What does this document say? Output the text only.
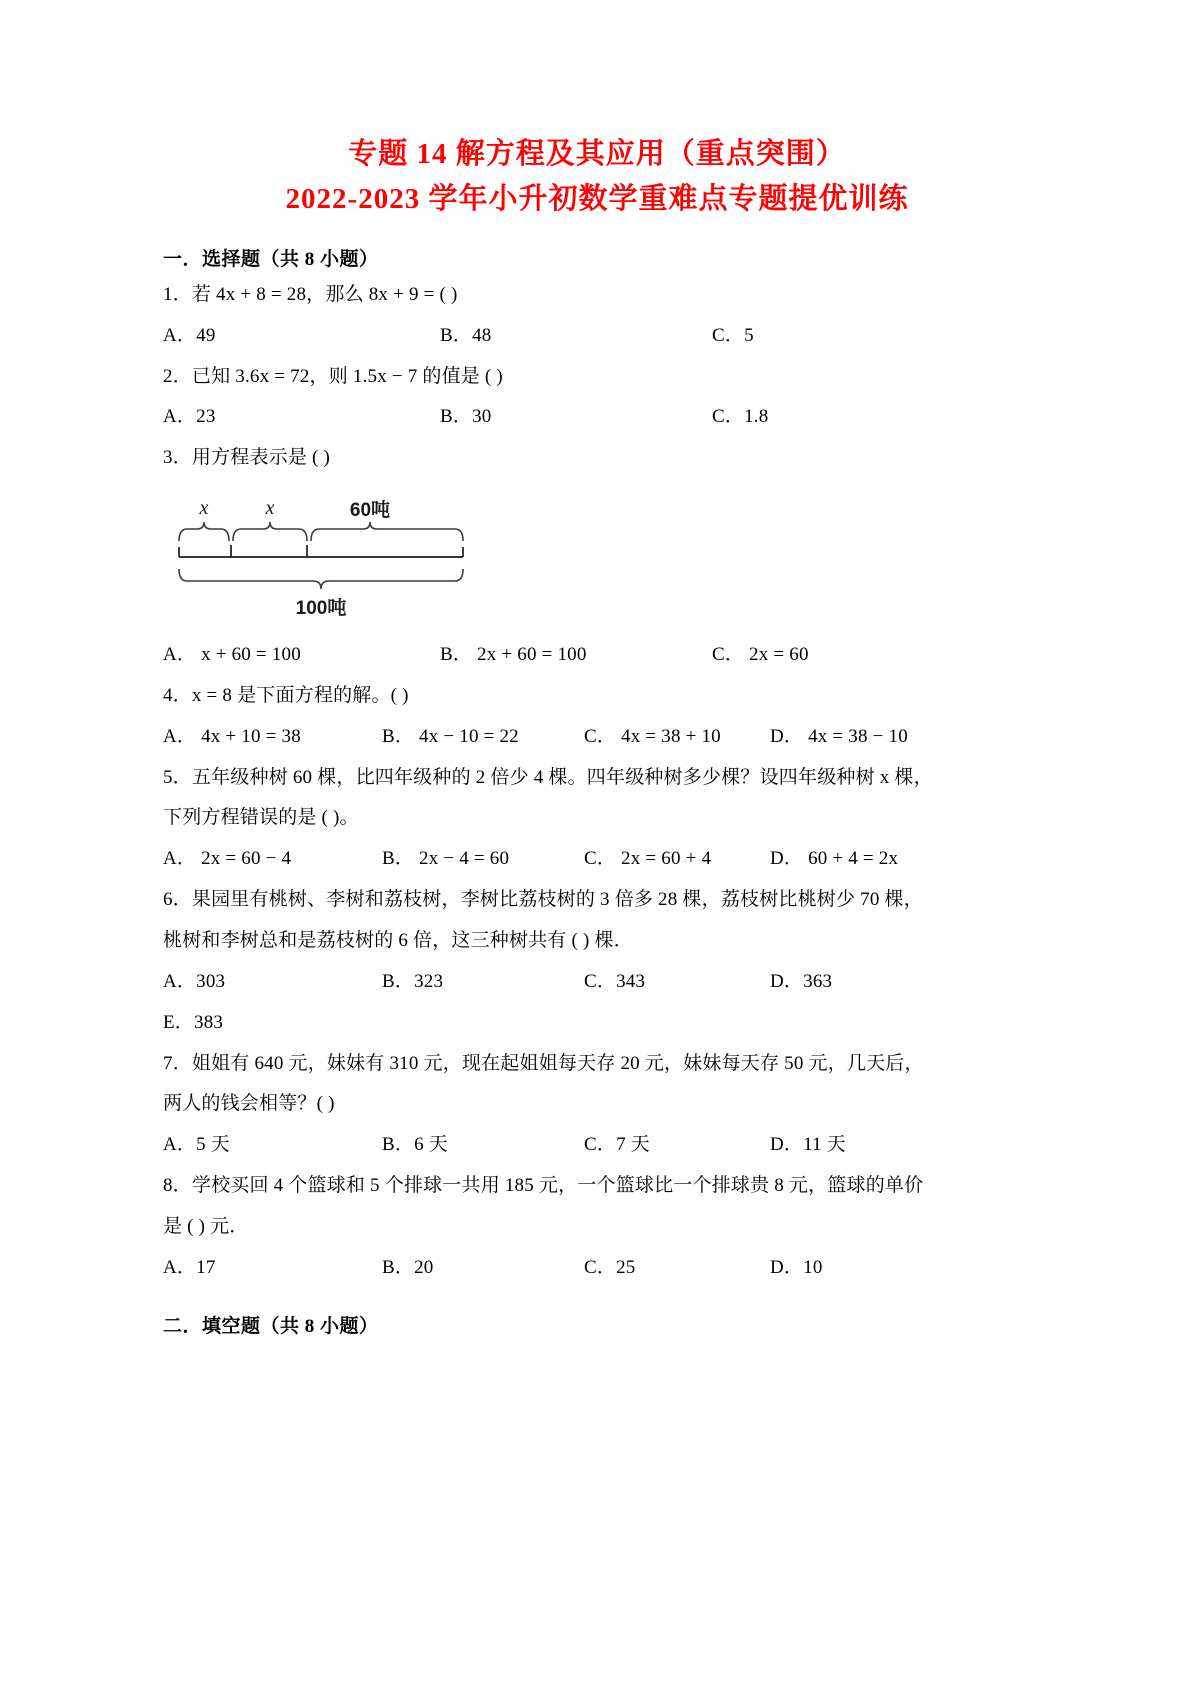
专题 14 解方程及其应用（重点突围）
2022-2023 学年小升初数学重难点专题提优训练
一．选择题（共 8 小题）
1．若 4x + 8 = 28，那么 8x + 9 = ( )
A．49	B．48	C．5
2．已知 3.6x = 72，则 1.5x − 7 的值是 ( )
A．23	B．30	C．1.8
3．用方程表示是 ( )
x	x	60吨
100吨
A． x + 60 = 100	B． 2x + 60 = 100	C． 2x = 60
4．x = 8 是下面方程的解。( )
A． 4x + 10 = 38	B． 4x − 10 = 22	C． 4x = 38 + 10	D． 4x = 38 − 10
5．五年级种树 60 棵，比四年级种的 2 倍少 4 棵。四年级种树多少棵？设四年级种树 x 棵，
下列方程错误的是 ( )。
A． 2x = 60 − 4	B． 2x − 4 = 60	C． 2x = 60 + 4	D． 60 + 4 = 2x
6．果园里有桃树、李树和荔枝树，李树比荔枝树的 3 倍多 28 棵，荔枝树比桃树少 70 棵，
桃树和李树总和是荔枝树的 6 倍，这三种树共有 ( ) 棵．
A．303	B．323	C．343	D．363
E．383
7．姐姐有 640 元，妹妹有 310 元，现在起姐姐每天存 20 元，妹妹每天存 50 元，几天后，
两人的钱会相等？( )
A．5 天	B．6 天	C．7 天	D．11 天
8．学校买回 4 个篮球和 5 个排球一共用 185 元，一个篮球比一个排球贵 8 元，篮球的单价
是 ( ) 元．
A．17	B．20	C．25	D．10
二．填空题（共 8 小题）
